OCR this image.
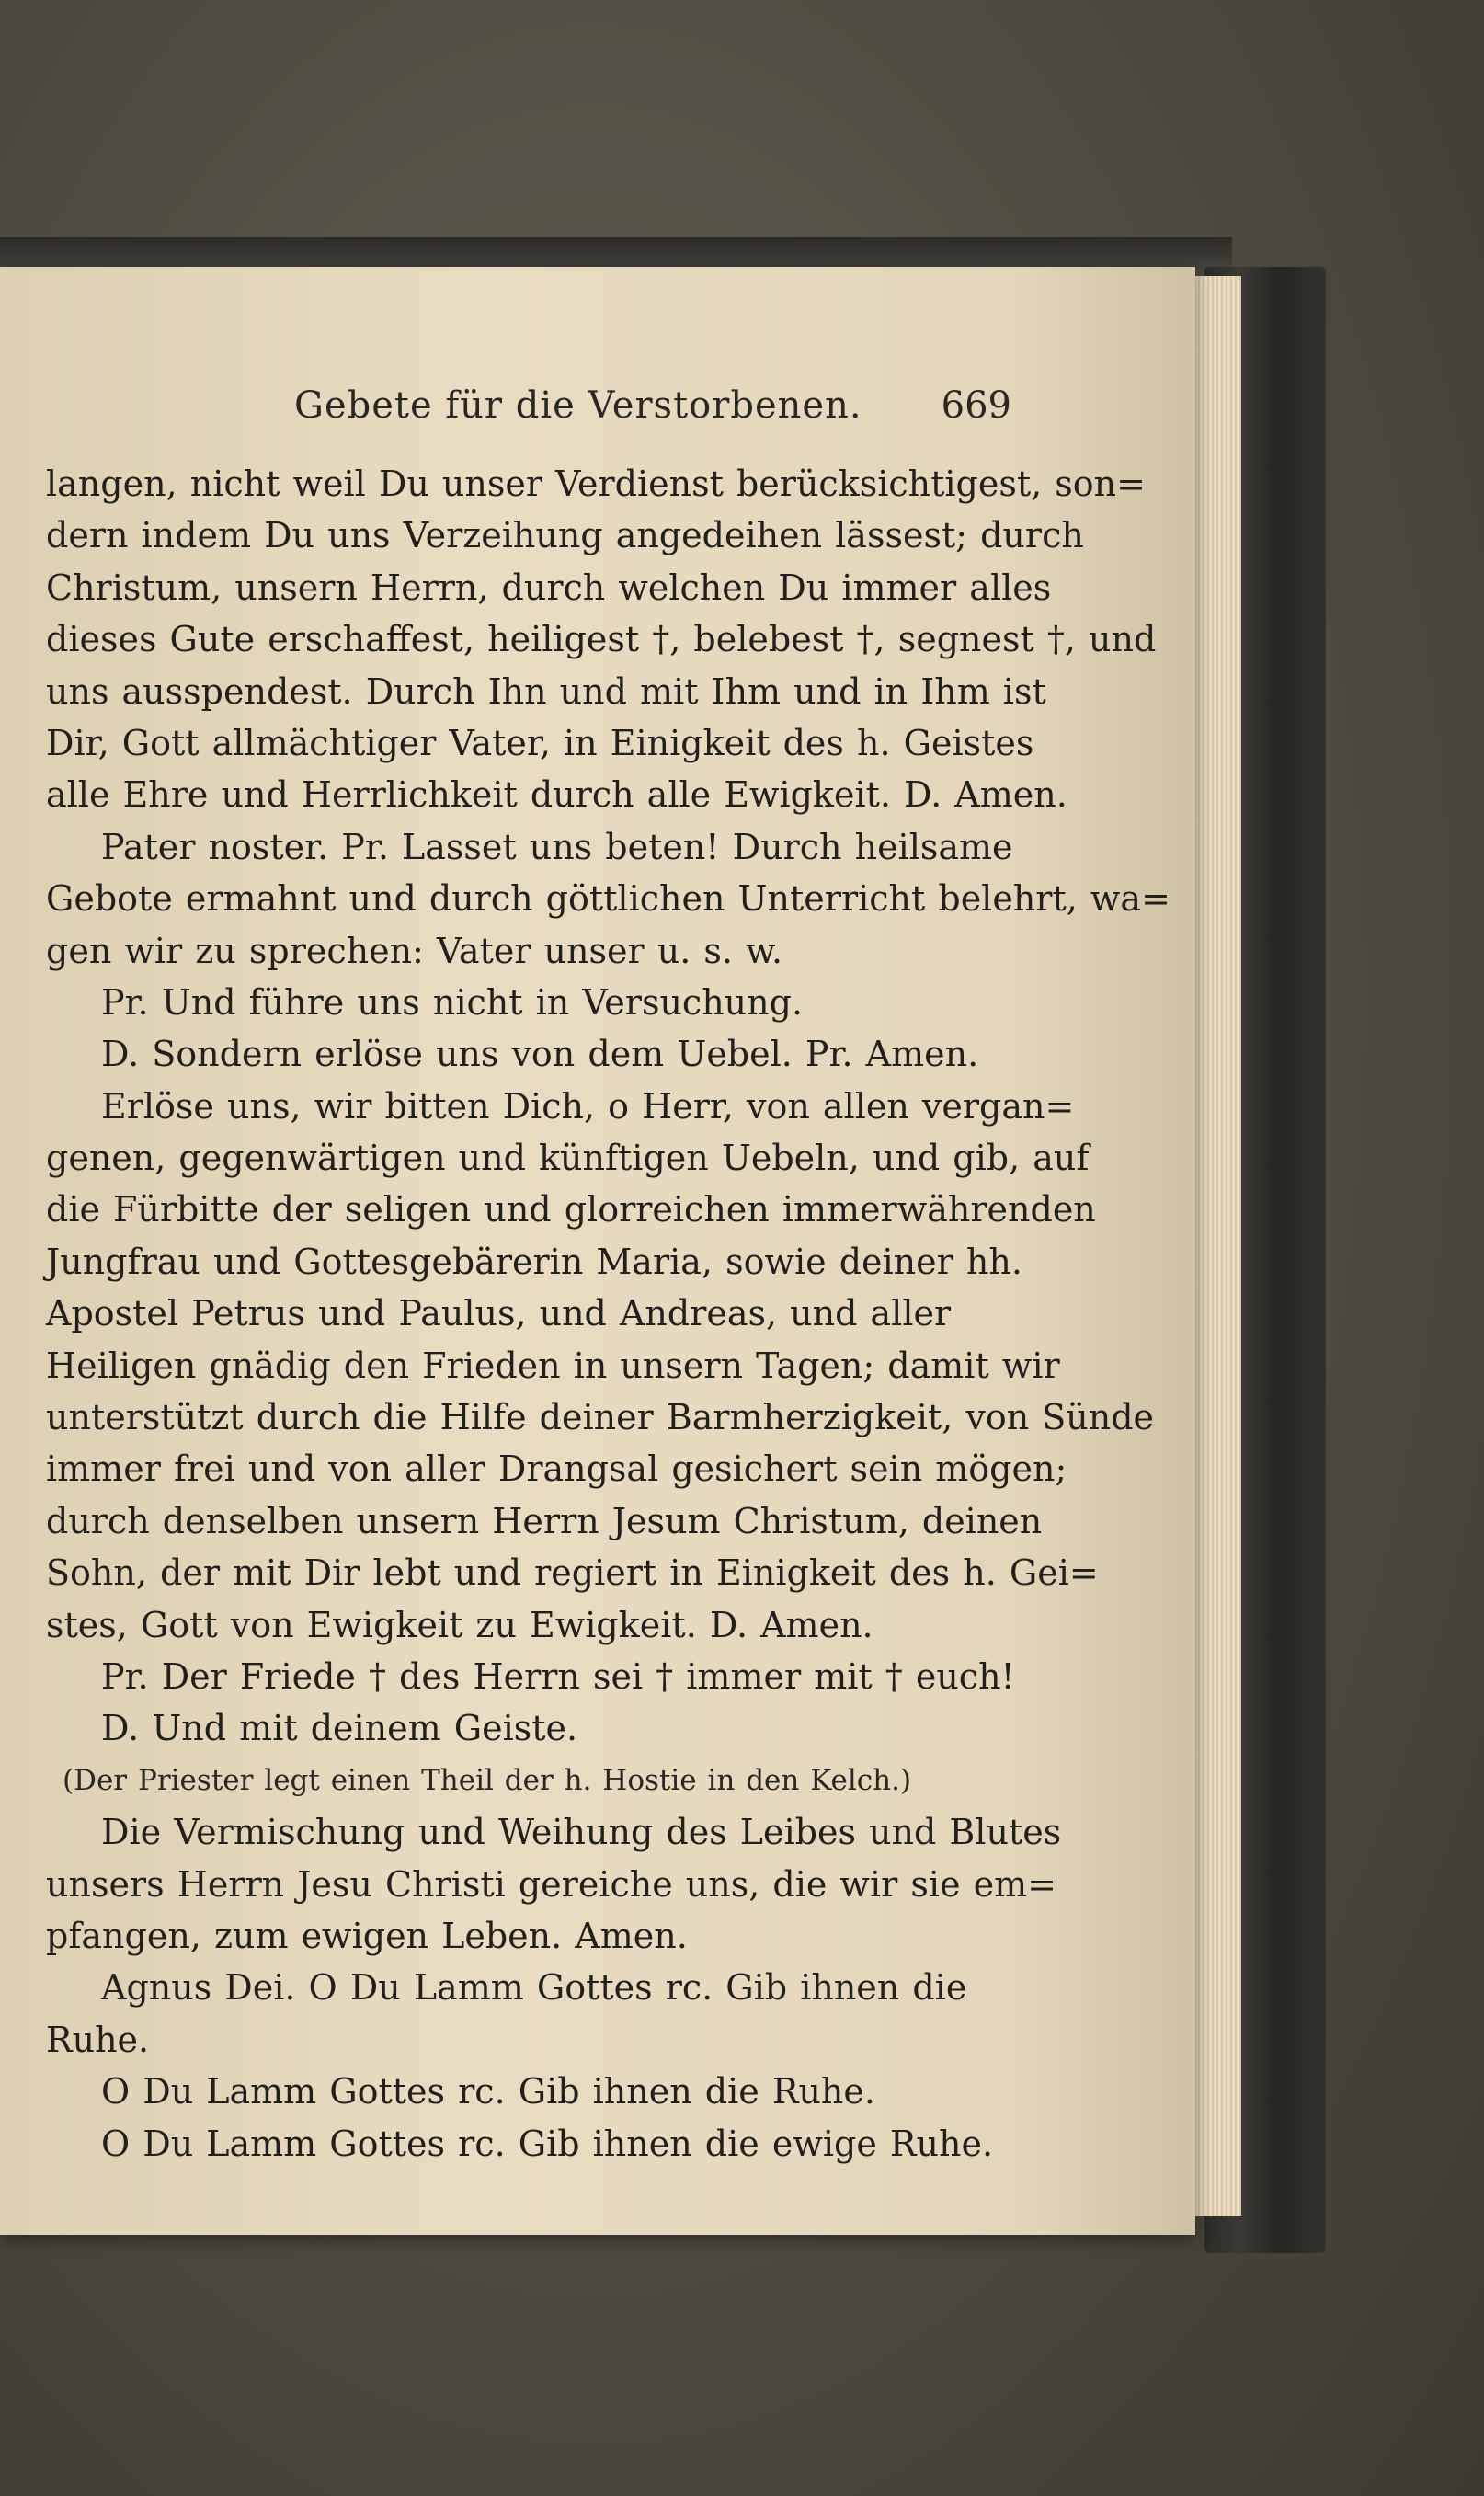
Gebete für die Verstorbenen. 669
langen, nicht weil Du unser Verdienst berücksichtigest, son=
dern indem Du uns Verzeihung angedeihen lässest; durch
Christum, unsern Herrn, durch welchen Du immer alles
dieses Gute erschaffest, heiligest †, belebest †, segnest †, und
uns ausspendest. Durch Ihn und mit Ihm und in Ihm ist
Dir, Gott allmächtiger Vater, in Einigkeit des h. Geistes
alle Ehre und Herrlichkeit durch alle Ewigkeit. D. Amen.
Pater noster. Pr. Lasset uns beten! Durch heilsame
Gebote ermahnt und durch göttlichen Unterricht belehrt, wa=
gen wir zu sprechen: Vater unser u. s. w.
Pr. Und führe uns nicht in Versuchung.
D. Sondern erlöse uns von dem Uebel. Pr. Amen.
Erlöse uns, wir bitten Dich, o Herr, von allen vergan=
genen, gegenwärtigen und künftigen Uebeln, und gib, auf
die Fürbitte der seligen und glorreichen immerwährenden
Jungfrau und Gottesgebärerin Maria, sowie deiner hh.
Apostel Petrus und Paulus, und Andreas, und aller
Heiligen gnädig den Frieden in unsern Tagen; damit wir
unterstützt durch die Hilfe deiner Barmherzigkeit, von Sünde
immer frei und von aller Drangsal gesichert sein mögen;
durch denselben unsern Herrn Jesum Christum, deinen
Sohn, der mit Dir lebt und regiert in Einigkeit des h. Gei=
stes, Gott von Ewigkeit zu Ewigkeit. D. Amen.
Pr. Der Friede † des Herrn sei † immer mit † euch!
D. Und mit deinem Geiste.
(Der Priester legt einen Theil der h. Hostie in den Kelch.)
Die Vermischung und Weihung des Leibes und Blutes
unsers Herrn Jesu Christi gereiche uns, die wir sie em=
pfangen, zum ewigen Leben. Amen.
Agnus Dei. O Du Lamm Gottes rc. Gib ihnen die
Ruhe.
O Du Lamm Gottes rc. Gib ihnen die Ruhe.
O Du Lamm Gottes rc. Gib ihnen die ewige Ruhe.
